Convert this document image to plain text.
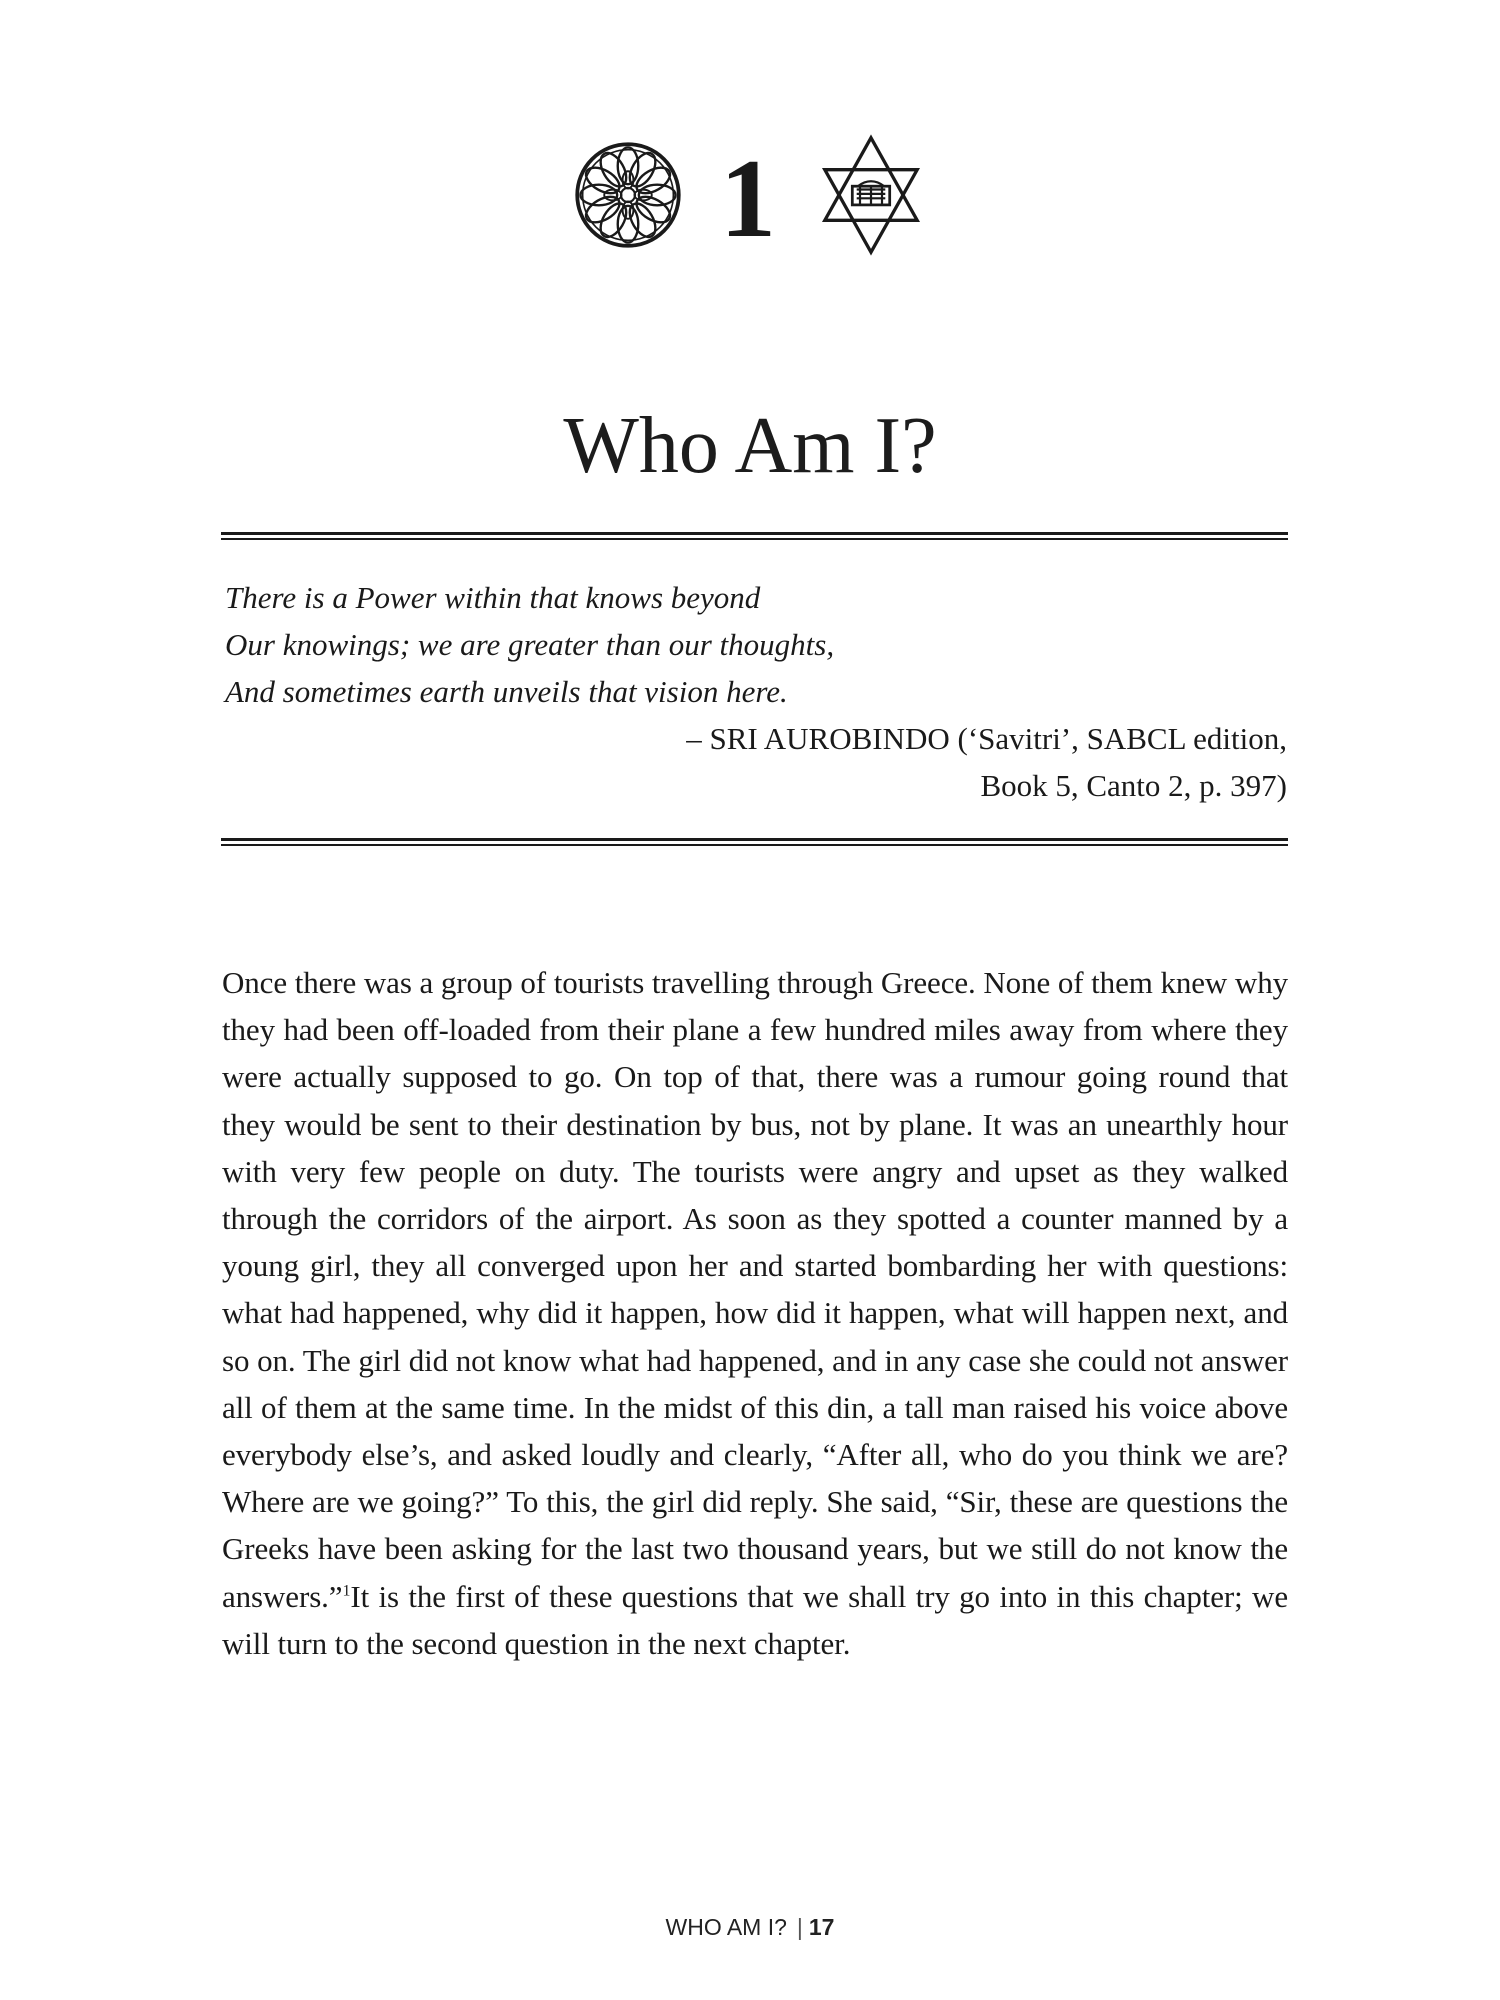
1
Who Am I?
There is a Power within that knows beyond
Our knowings; we are greater than our thoughts,
And sometimes earth unveils that vision here.
– SRI AUROBINDO (‘Savitri’, SABCL edition,
Book 5, Canto 2, p. 397)

Once there was a group of tourists travelling through Greece. None of them knew why they had been off-loaded from their plane a few hundred miles away from where they were actually supposed to go. On top of that, there was a rumour going round that they would be sent to their destination by bus, not by plane. It was an unearthly hour with very few people on duty. The tourists were angry and upset as they walked through the corridors of the airport. As soon as they spotted a counter manned by a young girl, they all converged upon her and started bombarding her with questions: what had happened, why did it happen, how did it happen, what will happen next, and so on. The girl did not know what had happened, and in any case she could not answer all of them at the same time. In the midst of this din, a tall man raised his voice above everybody else’s, and asked loudly and clearly, “After all, who do you think we are? Where are we going?” To this, the girl did reply. She said, “Sir, these are questions the Greeks have been asking for the last two thousand years, but we still do not know the answers.”$^1$It is the first of these questions that we shall try go into in this chapter; we will turn to the second question in the next chapter.

WHO AM I? | 17
